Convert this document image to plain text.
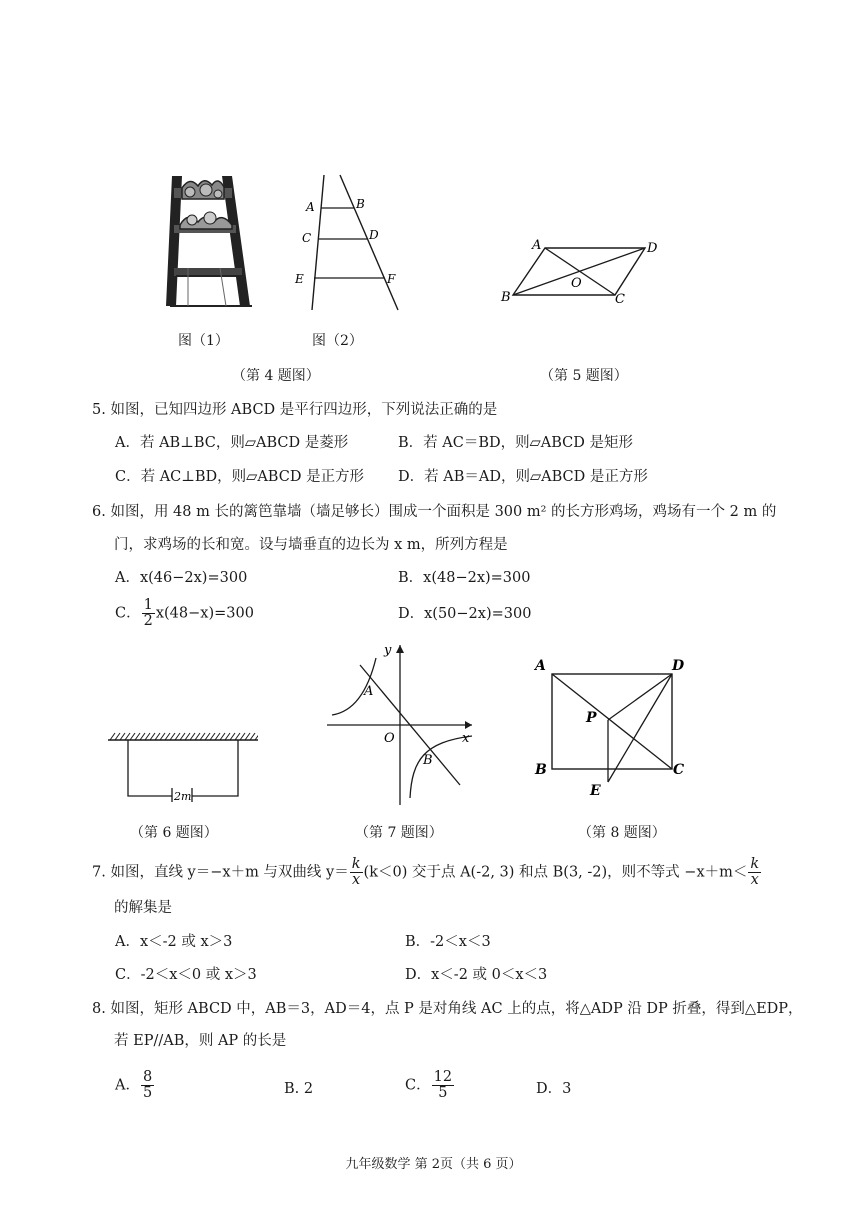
图（1）
A	B
C	D
E	F
图（2）
（第 4 题图）
A	D
O
B	C
（第 5 题图）
5. 如图，已知四边形 ABCD 是平行四边形，下列说法正确的是
A．若 AB⊥BC，则▱ABCD 是菱形	B．若 AC＝BD，则▱ABCD 是矩形
C．若 AC⊥BD，则▱ABCD 是正方形 D．若 AB＝AD，则▱ABCD 是正方形
6. 如图，用 48 m 长的篱笆靠墙（墙足够长）围成一个面积是 300 m² 的长方形鸡场，鸡场有一个 2 m 的
门，求鸡场的长和宽。设与墙垂直的边长为 x m，所列方程是
A．x(46−2x)=300	B．x(48−2x)=300
C． $\frac{1}{2} x(48-x)=300$	D．x(50−2x)=300
2m
（第 6 题图）
y
x
A
O
B
（第 7 题图）
A	D
P
B	C
E
（第 8 题图）
7. 如图，直线 y＝−x＋m 与双曲线 $y= \frac{k}{x} (k<0)$ 交于点 A(-2, 3) 和点 B(3, -2)，则不等式 $-x+m< \frac{k}{x}$
的解集是
A．x＜-2 或 x＞3	B．-2＜x＜3
C．-2＜x＜0 或 x＞3	D．x＜-2 或 0＜x＜3
8. 如图，矩形 ABCD 中，AB＝3，AD＝4，点 P 是对角线 AC 上的点，将△ADP 沿 DP 折叠，得到△EDP，
若 EP//AB，则 AP 的长是
A． $\frac{8}{5}$	B. 2	C． $\frac{12}{5}$	D．3
九年级数学 第 2页（共 6 页）
